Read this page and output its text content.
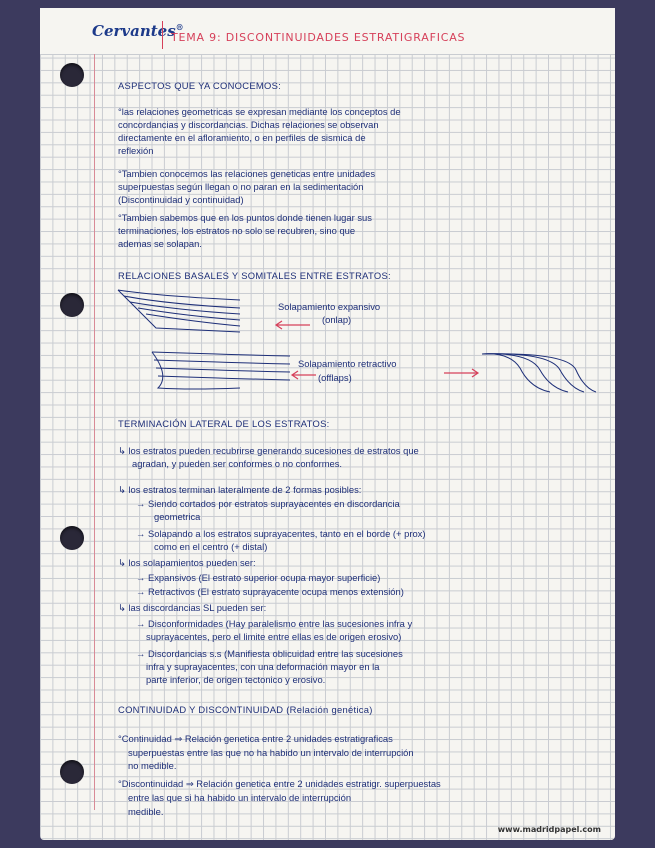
Cervantes®
TEMA 9: DISCONTINUIDADES ESTRATIGRAFICAS
www.madridpapel.com
ASPECTOS QUE YA CONOCEMOS:
°las relaciones geometricas se expresan mediante los conceptos de
concordancias y discordancias. Dichas relaciones se observan
directamente en el afloramiento, o en perfiles de sismica de
reflexión
°Tambien conocemos las relaciones geneticas entre unidades
superpuestas según llegan o no paran en la sedimentación
(Discontinuidad y continuidad)
°Tambien sabemos que en los puntos donde tienen lugar sus
terminaciones, los estratos no solo se recubren, sino que
ademas se solapan.
RELACIONES BASALES Y SOMITALES ENTRE ESTRATOS:
Solapamiento expansivo
(onlap)
Solapamiento retractivo
(offlaps)
TERMINACIÓN LATERAL DE LOS ESTRATOS:
↳ los estratos pueden recubrirse generando sucesiones de estratos que
agradan, y pueden ser conformes o no conformes.
↳ los estratos terminan lateralmente de 2 formas posibles:
→ Siendo cortados por estratos suprayacentes en discordancia
geometrica
→ Solapando a los estratos suprayacentes, tanto en el borde (+ prox)
como en el centro (+ distal)
↳ los solapamientos pueden ser:
→ Expansivos (El estrato superior ocupa mayor superficie)
→ Retractivos (El estrato suprayacente ocupa menos extensión)
↳ las discordancias SL pueden ser:
→ Disconformidades (Hay paralelismo entre las sucesiones infra y
suprayacentes, pero el limite entre ellas es de origen erosivo)
→ Discordancias s.s (Manifiesta oblicuidad entre las sucesiones
infra y suprayacentes, con una deformación mayor en la
parte inferior, de origen tectonico y erosivo.
CONTINUIDAD Y DISCONTINUIDAD (Relación genética)
°Continuidad ⇒ Relación genetica entre 2 unidades estratigraficas
superpuestas entre las que no ha habido un intervalo de interrupción
no medible.
°Discontinuidad ⇒ Relación genetica entre 2 unidades estratigr. superpuestas
entre las que si ha habido un intervalo de interrupción
medible.
